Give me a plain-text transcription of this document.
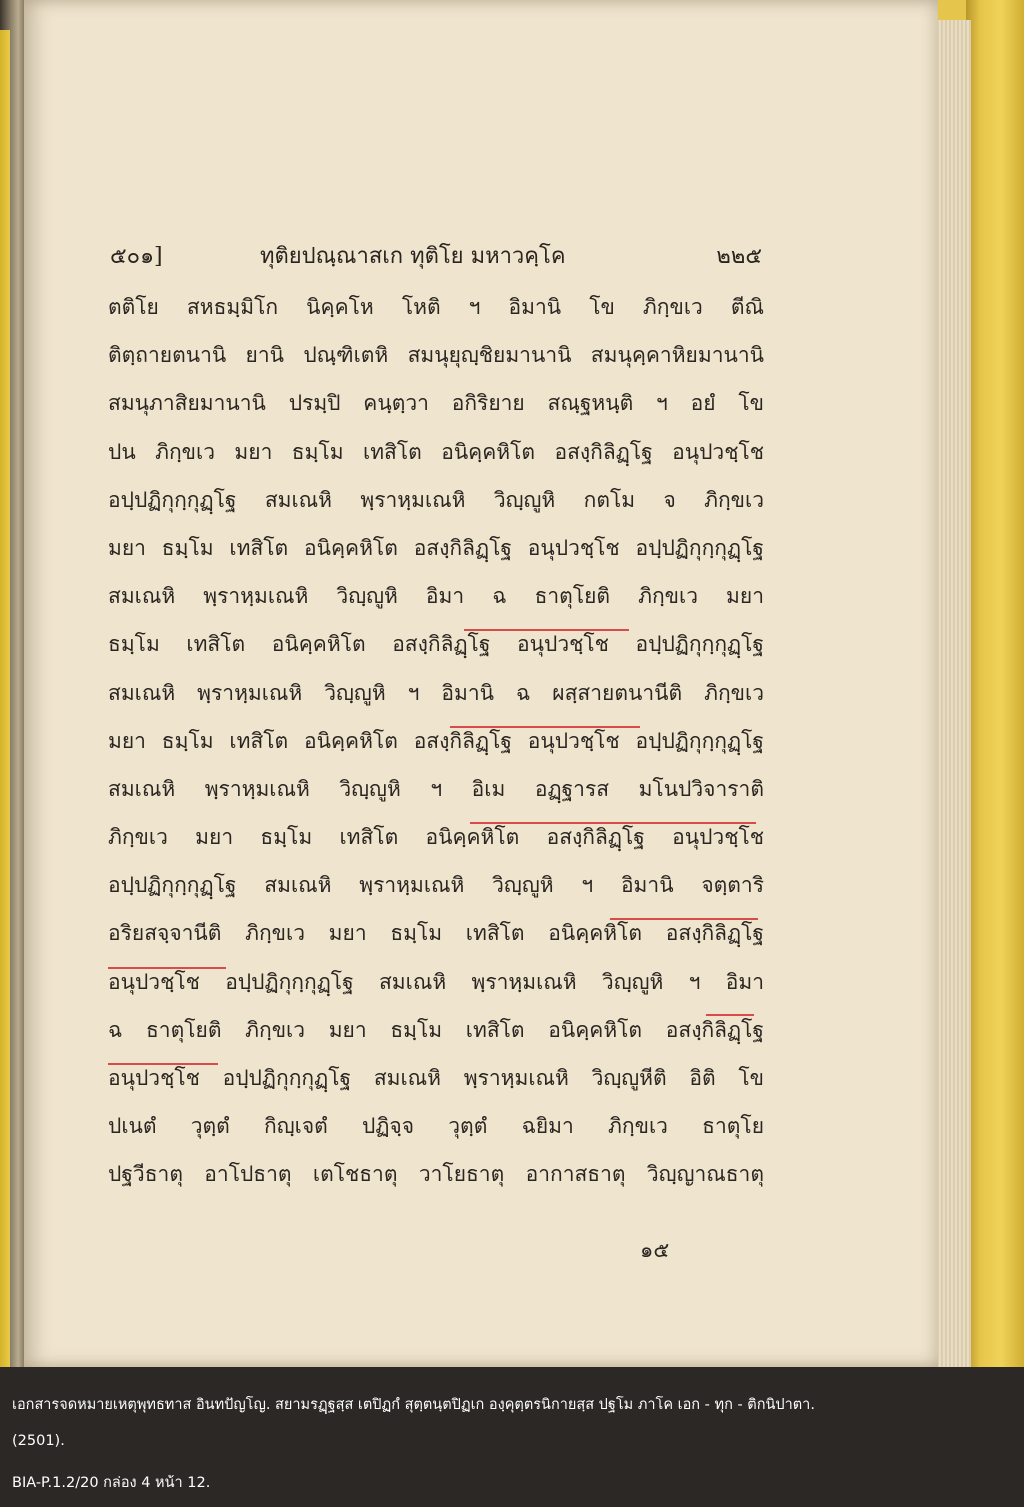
๕๐๑]	ทุติยปณฺณาสเก ทุติโย มหาวคฺโค	๒๒๕
ตติโย สหธมฺมิโก นิคฺคโห โหติ ฯ อิมานิ โข ภิกฺขเว ตีณิ
ติตฺถายตนานิ ยานิ ปณฺฑิเตหิ สมนุยุญฺชิยมานานิ สมนุคฺคาหิยมานานิ
สมนุภาสิยมานานิ ปรมฺปิ คนฺตฺวา อกิริยาย สณฺฐหนฺติ ฯ อยํ โข
ปน ภิกฺขเว มยา ธมฺโม เทสิโต อนิคฺคหิโต อสงฺกิลิฏฺโฐ อนุปวชฺโช
อปฺปฏิกุกฺกุฏฺโฐ สมเณหิ พฺราหฺมเณหิ วิญฺญูหิ กตโม จ ภิกฺขเว
มยา ธมฺโม เทสิโต อนิคฺคหิโต อสงฺกิลิฏฺโฐ อนุปวชฺโช อปฺปฏิกุกฺกุฏฺโฐ
สมเณหิ พฺราหฺมเณหิ วิญฺญูหิ อิมา ฉ ธาตุโยติ ภิกฺขเว มยา
ธมฺโม เทสิโต อนิคฺคหิโต อสงฺกิลิฏฺโฐ อนุปวชฺโช อปฺปฏิกุกฺกุฏฺโฐ
สมเณหิ พฺราหฺมเณหิ วิญฺญูหิ ฯ อิมานิ ฉ ผสฺสายตนานีติ ภิกฺขเว
มยา ธมฺโม เทสิโต อนิคฺคหิโต อสงฺกิลิฏฺโฐ อนุปวชฺโช อปฺปฏิกุกฺกุฏฺโฐ
สมเณหิ พฺราหฺมเณหิ วิญฺญูหิ ฯ อิเม อฏฺฐารส มโนปวิจาราติ
ภิกฺขเว มยา ธมฺโม เทสิโต อนิคฺคหิโต อสงฺกิลิฏฺโฐ อนุปวชฺโช
อปฺปฏิกุกฺกุฏฺโฐ สมเณหิ พฺราหฺมเณหิ วิญฺญูหิ ฯ อิมานิ จตฺตาริ
อริยสจฺจานีติ ภิกฺขเว มยา ธมฺโม เทสิโต อนิคฺคหิโต อสงฺกิลิฏฺโฐ
อนุปวชฺโช อปฺปฏิกุกฺกุฏฺโฐ สมเณหิ พฺราหฺมเณหิ วิญฺญูหิ ฯ อิมา
ฉ ธาตุโยติ ภิกฺขเว มยา ธมฺโม เทสิโต อนิคฺคหิโต อสงฺกิลิฏฺโฐ
อนุปวชฺโช อปฺปฏิกุกฺกุฏฺโฐ สมเณหิ พฺราหฺมเณหิ วิญฺญูหีติ อิติ โข
ปเนตํ วุตฺตํ กิญฺเจตํ ปฏิจฺจ วุตฺตํ ฉยิมา ภิกฺขเว ธาตุโย
ปฐวีธาตุ อาโปธาตุ เตโชธาตุ วาโยธาตุ อากาสธาตุ วิญฺญาณธาตุ
๑๕
เอกสารจดหมายเหตุพุทธทาส อินทปัญโญ. สยามรฏฺฐสฺส เตปิฏกํ สุตฺตนฺตปิฏเก องฺคุตฺตรนิกายสฺส ปฐโม ภาโค เอก - ทุก - ติกนิปาตา.
(2501).
BIA-P.1.2/20 กล่อง 4 หน้า 12.
